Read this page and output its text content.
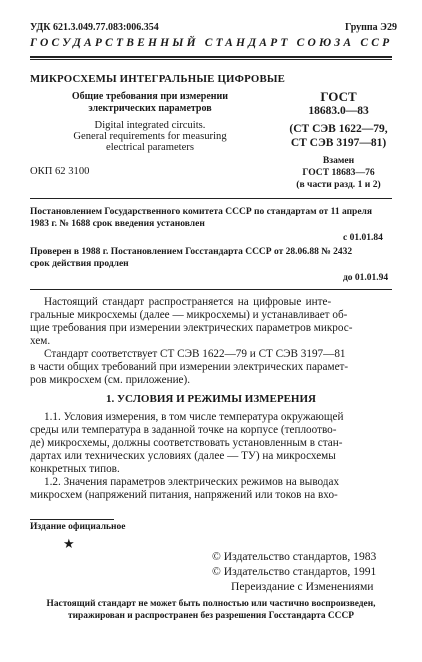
УДК 621.3.049.77.083:006.354	Группа Э29
ГОСУДАРСТВЕННЫЙ СТАНДАРТ СОЮЗА ССР
МИКРОСХЕМЫ ИНТЕГРАЛЬНЫЕ ЦИФРОВЫЕ
Общие требования при измерении
электрических параметров
Digital integrated circuits.
General requirements for measuring
electrical parameters
ОКП 62 3100
ГОСТ
18683.0—83
(СТ СЭВ 1622—79,
СТ СЭВ 3197—81)
Взамен
ГОСТ 18683—76
(в части разд. 1 и 2)
Постановлением Государственного комитета СССР по стандартам от 11 апреля
1983 г. № 1688 срок введения установлен
с 01.01.84
Проверен в 1988 г. Постановлением Госстандарта СССР от 28.06.88 № 2432
срок действия продлен
до 01.01.94
Настоящий стандарт распространяется на цифровые инте-
гральные микросхемы (далее — микросхемы) и устанавливает об-
щие требования при измерении электрических параметров микрос-
хем.
Стандарт соответствует СТ СЭВ 1622—79 и СТ СЭВ 3197—81
в части общих требований при измерении электрических парамет-
ров микросхем (см. приложение).
1. УСЛОВИЯ И РЕЖИМЫ ИЗМЕРЕНИЯ
1.1. Условия измерения, в том числе температура окружающей
среды или температура в заданной точке на корпусе (теплоотво-
де) микросхемы, должны соответствовать установленным в стан-
дартах или технических условиях (далее — ТУ) на микросхемы
конкретных типов.
1.2. Значения параметров электрических режимов на выводах
микросхем (напряжений питания, напряжений или токов на вхо-
Издание официальное
★
© Издательство стандартов, 1983
© Издательство стандартов, 1991
Переиздание с Изменениями
Настоящий стандарт не может быть полностью или частично воспроизведен,
тиражирован и распространен без разрешения Госстандарта СССР
